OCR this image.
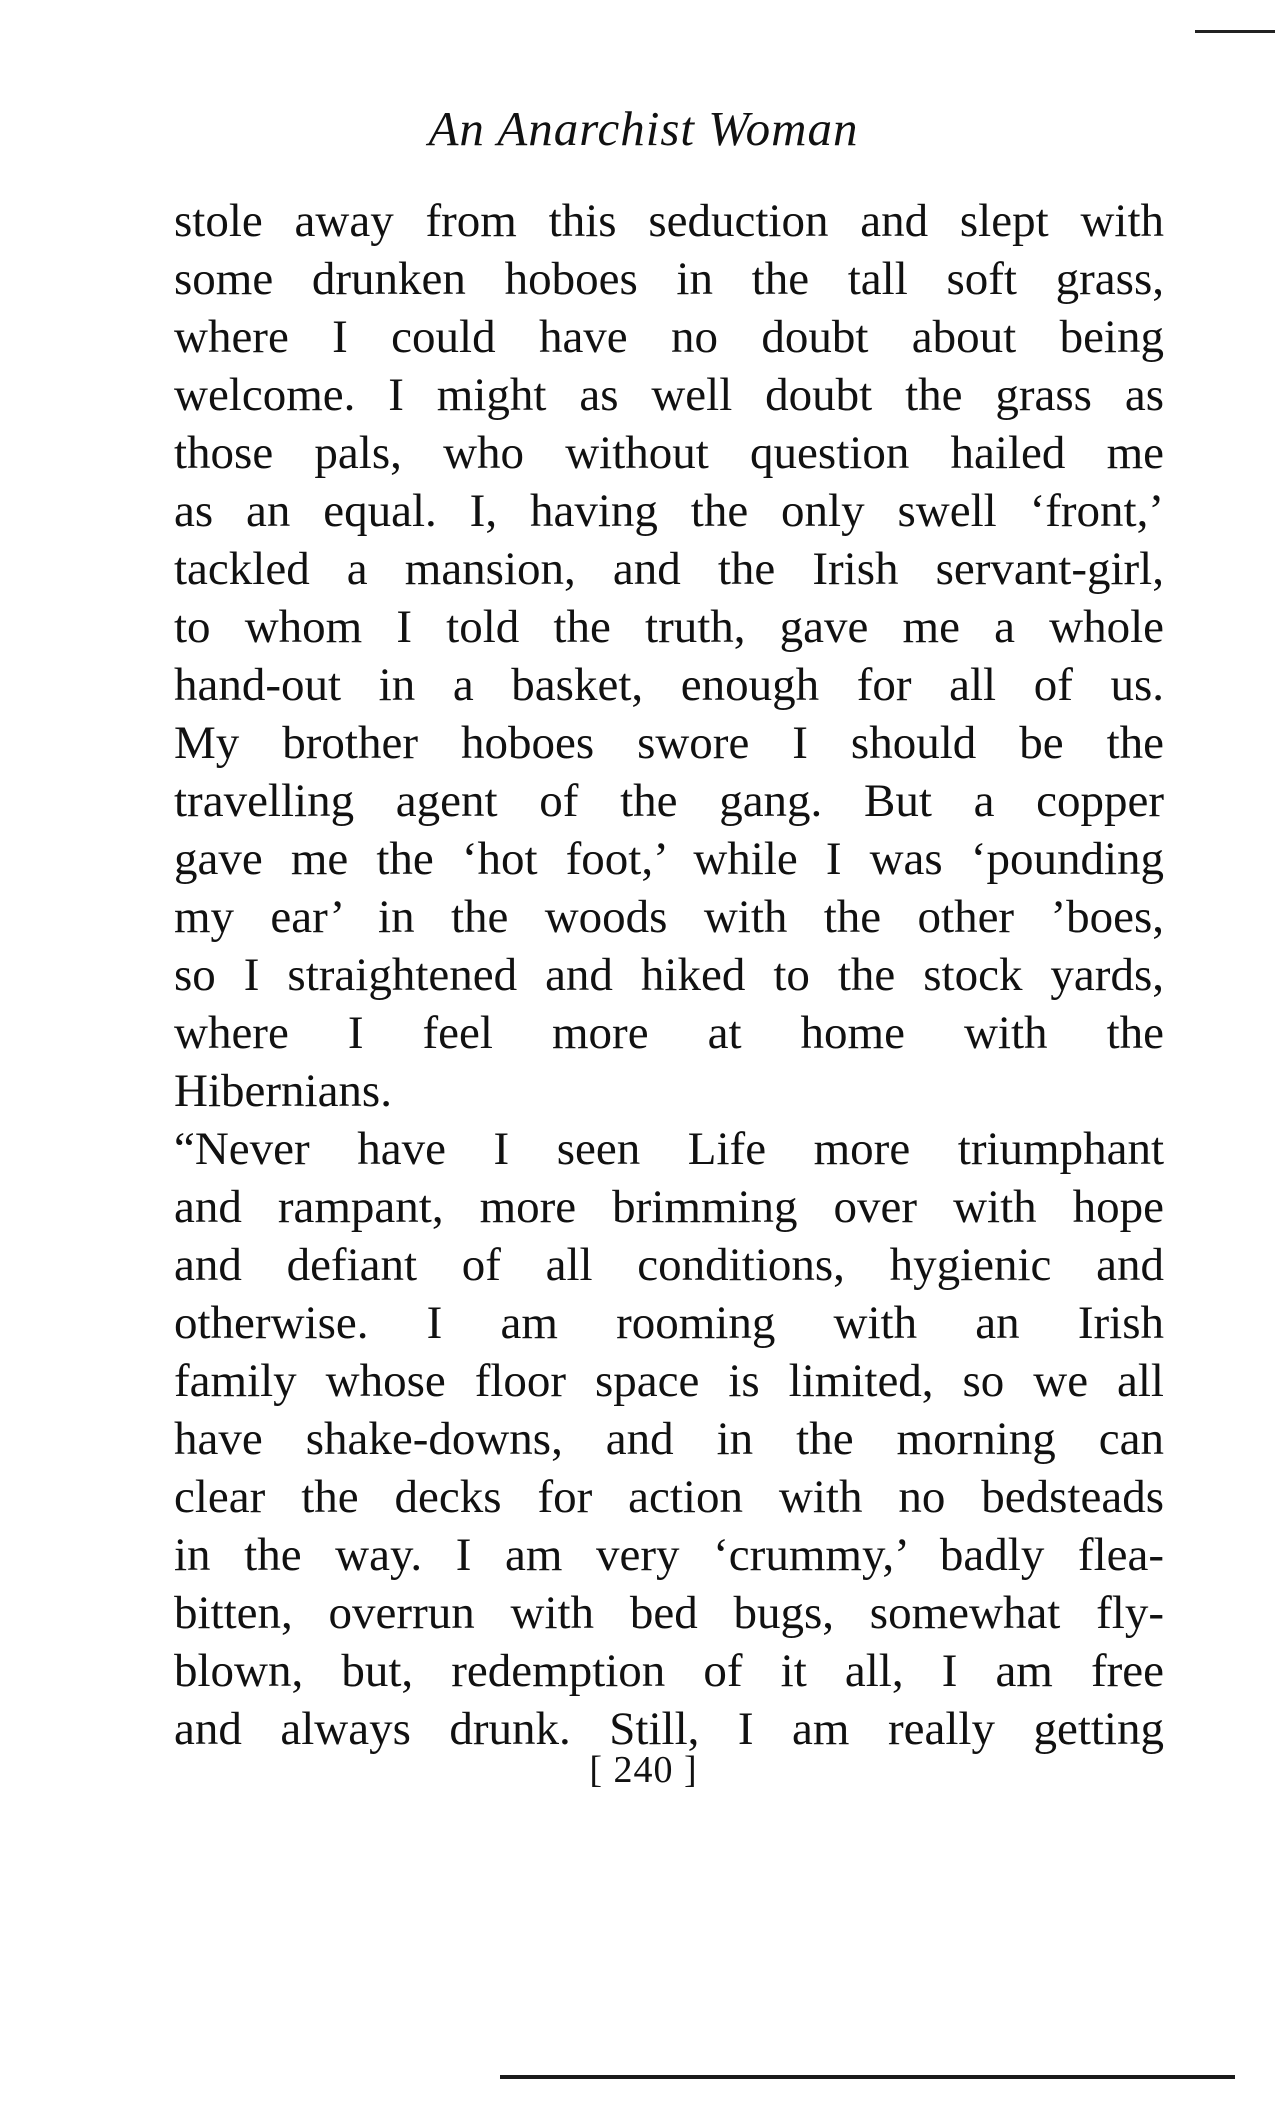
An Anarchist Woman
stole away from this seduction and slept with
some drunken hoboes in the tall soft grass,
where I could have no doubt about being
welcome. I might as well doubt the grass as
those pals, who without question hailed me
as an equal. I, having the only swell ‘front,’
tackled a mansion, and the Irish servant-girl,
to whom I told the truth, gave me a whole
hand-out in a basket, enough for all of us.
My brother hoboes swore I should be the
travelling agent of the gang. But a copper
gave me the ‘hot foot,’ while I was ‘pounding
my ear’ in the woods with the other ’boes,
so I straightened and hiked to the stock yards,
where I feel more at home with the
Hibernians.
“Never have I seen Life more triumphant
and rampant, more brimming over with hope
and defiant of all conditions, hygienic and
otherwise. I am rooming with an Irish
family whose floor space is limited, so we all
have shake-downs, and in the morning can
clear the decks for action with no bedsteads
in the way. I am very ‘crummy,’ badly flea-
bitten, overrun with bed bugs, somewhat fly-
blown, but, redemption of it all, I am free
and always drunk. Still, I am really getting
[ 240 ]
